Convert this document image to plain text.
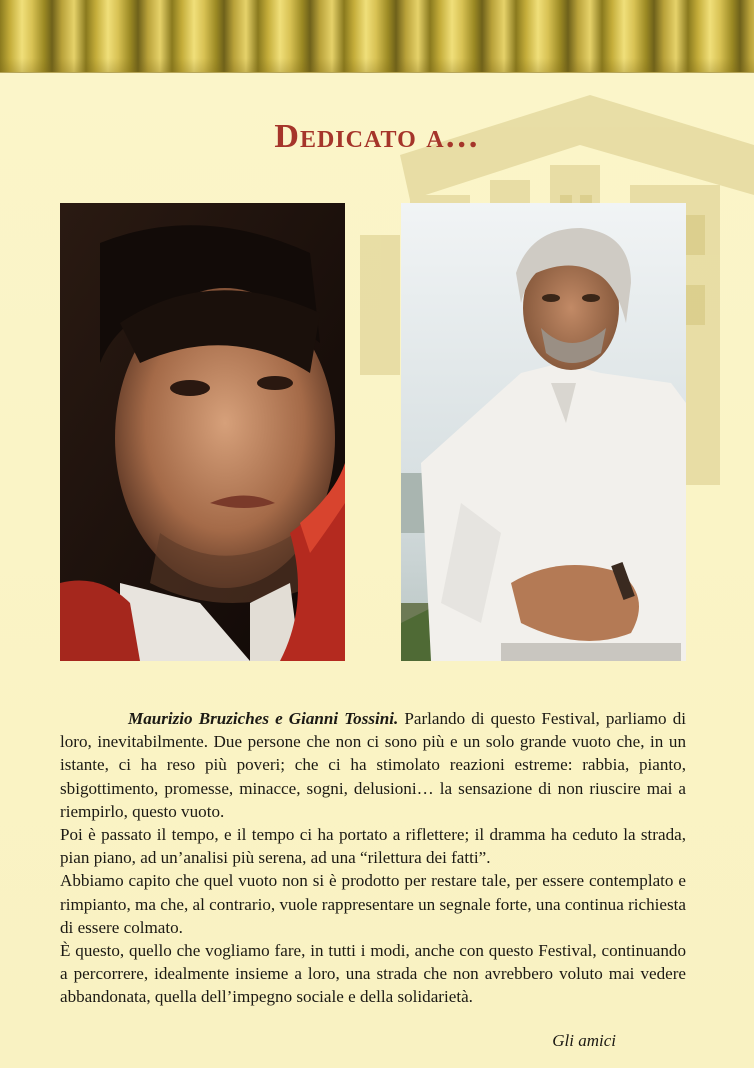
Dedicato a…

Maurizio Bruziches e Gianni Tossini. Parlando di questo Festival, parliamo di loro, inevitabilmente. Due persone che non ci sono più e un solo grande vuoto che, in un istante, ci ha reso più poveri; che ci ha stimolato reazioni estreme: rabbia, pianto, sbigottimento, promesse, minacce, sogni, delusioni… la sensazione di non riuscire mai a riempirlo, questo vuoto.

Poi è passato il tempo, e il tempo ci ha portato a riflettere; il dramma ha ceduto la strada, pian piano, ad un’analisi più serena, ad una “rilettura dei fatti”.

Abbiamo capito che quel vuoto non si è prodotto per restare tale, per essere contemplato e rimpianto, ma che, al contrario, vuole rappresentare un segnale forte, una continua richiesta di essere colmato.

È questo, quello che vogliamo fare, in tutti i modi, anche con questo Festival, continuando a percorrere, idealmente insieme a loro, una strada che non avrebbero voluto mai vedere abbandonata, quella dell’impegno sociale e della solidarietà.

Gli amici
